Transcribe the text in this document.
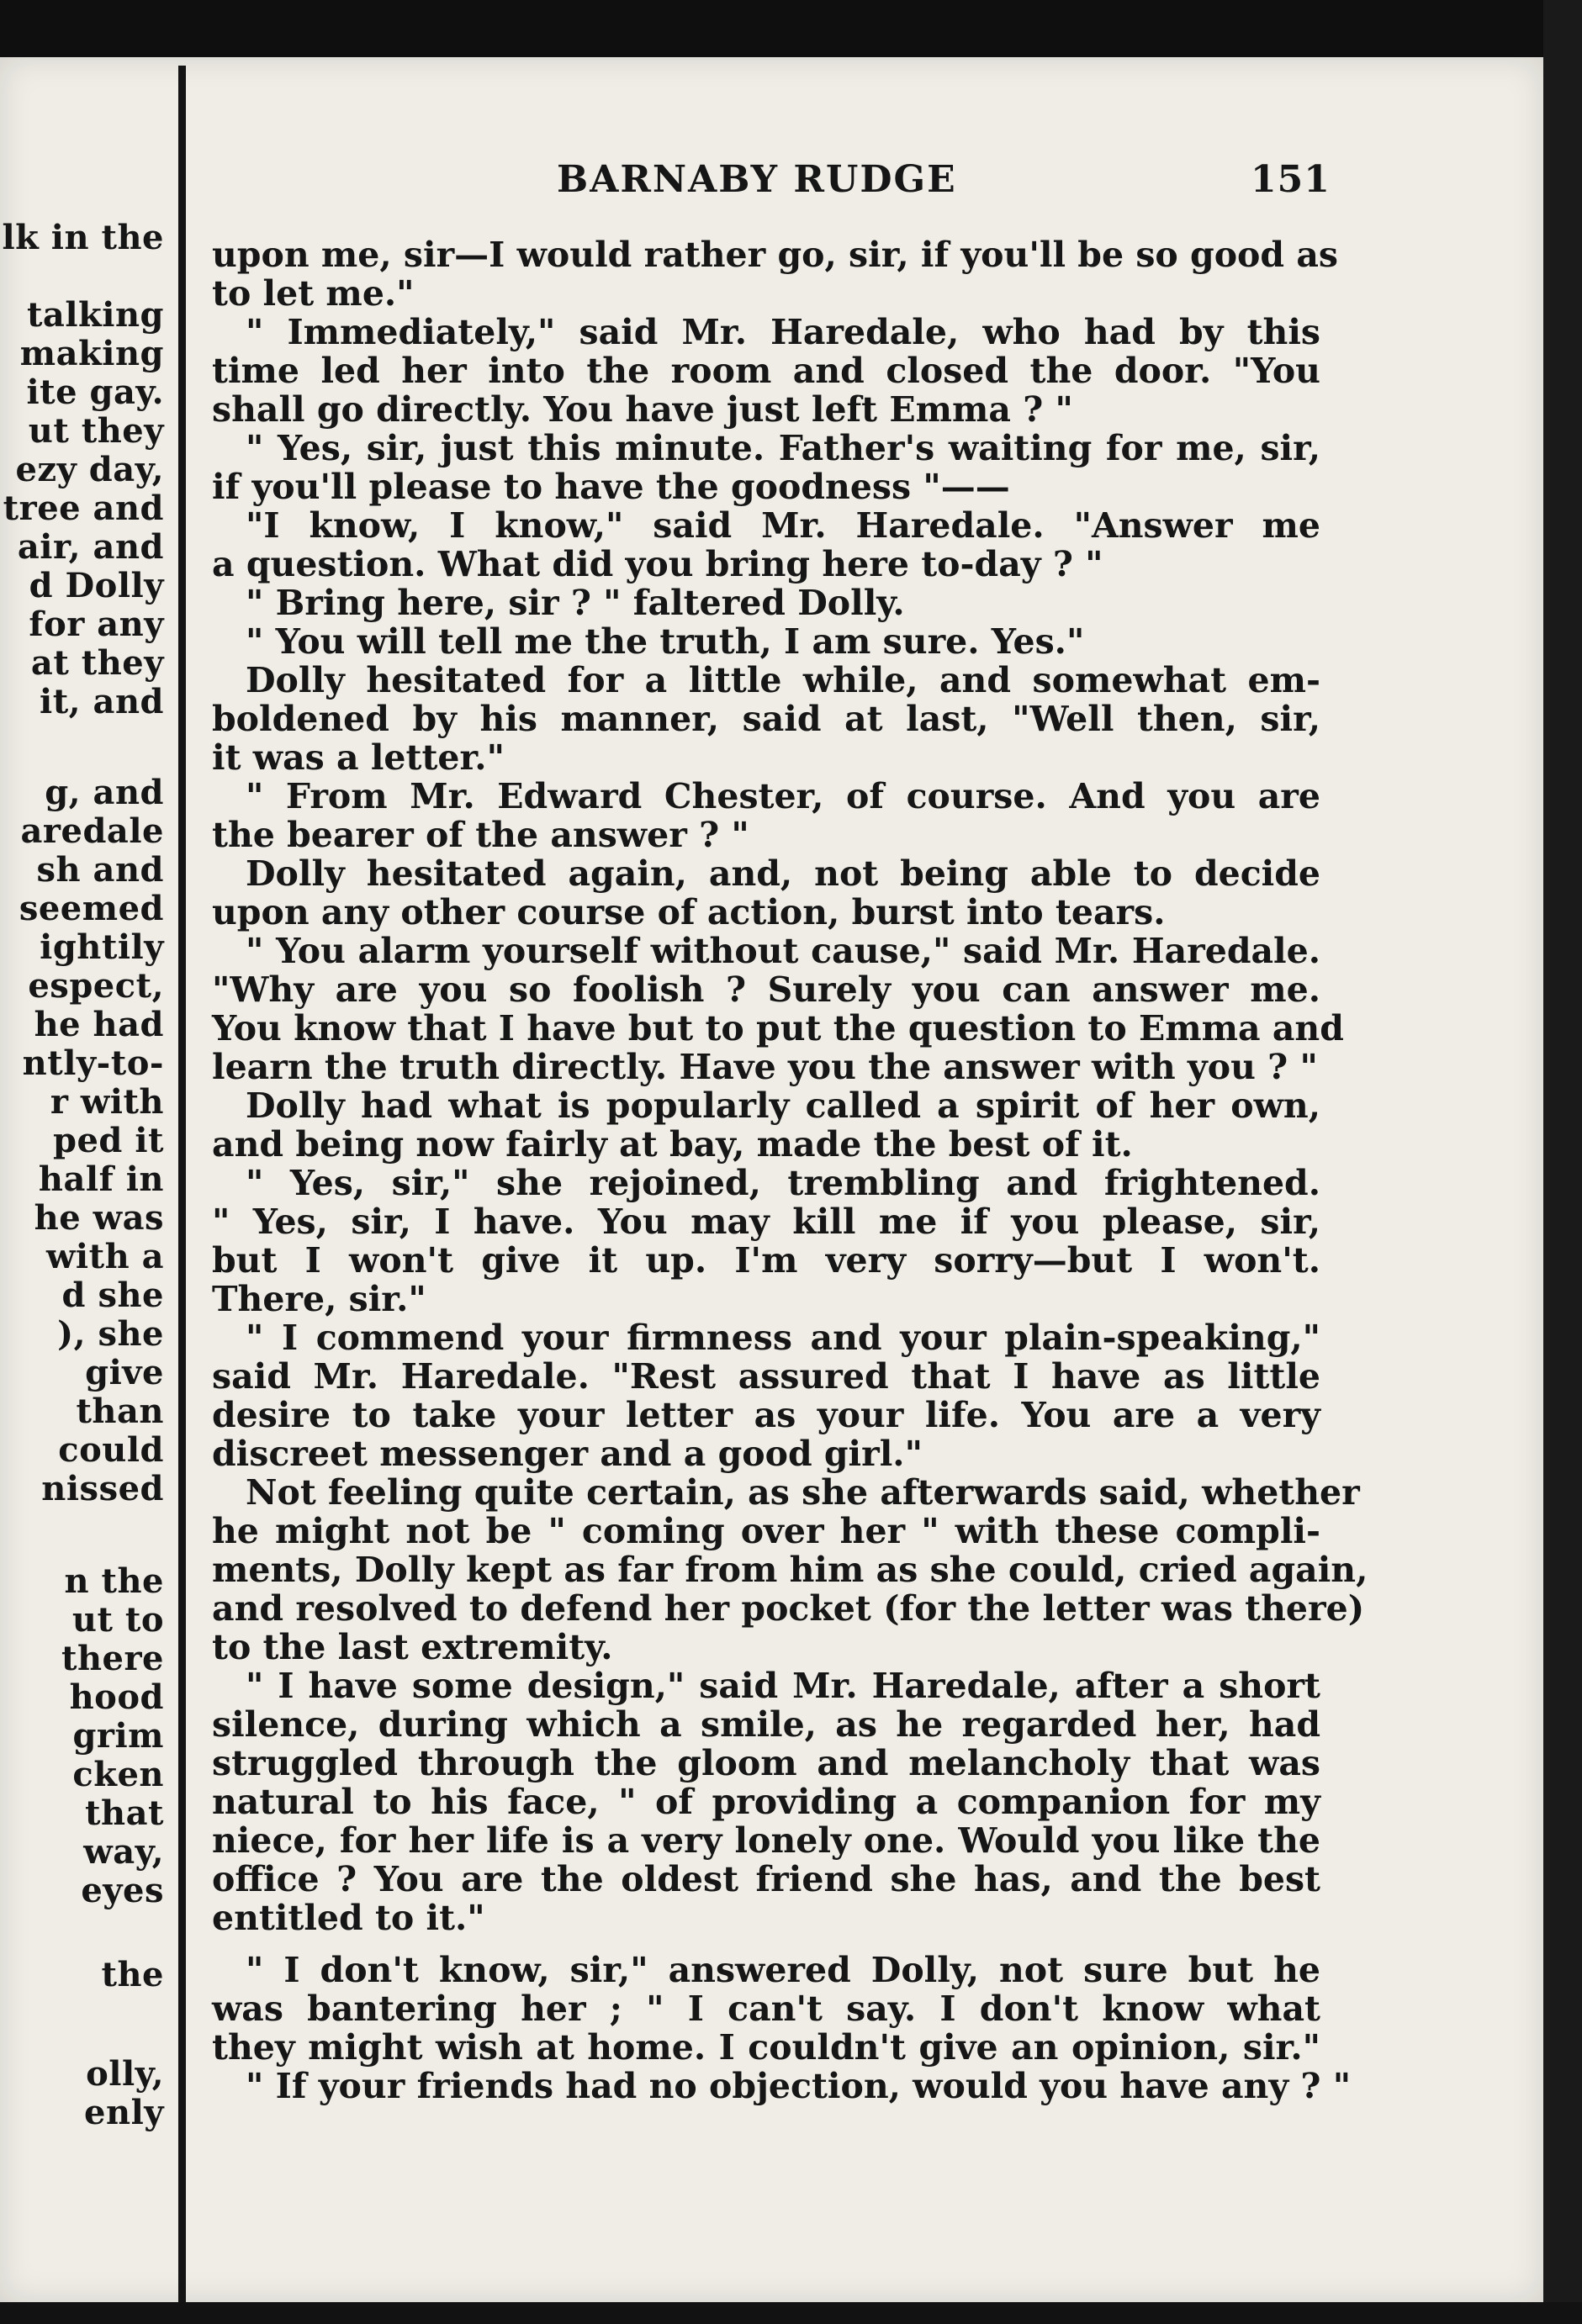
lk in the
talking
making
ite gay.
ut they
ezy day,
tree and
air, and
d Dolly
for any
at they
it, and
g, and
aredale
sh and
seemed
ightily
espect,
he had
ntly-to-
r with
ped it
half in
he was
with a
d she
), she
give
than
could
nissed
n the
ut to
there
hood
grim
cken
that
way,
eyes
the
olly,
enly
BARNABY RUDGE	151
upon me, sir—I would rather go, sir, if you'll be so good as
to let me."
" Immediately," said Mr. Haredale, who had by this
time led her into the room and closed the door. "You
shall go directly. You have just left Emma ? "
" Yes, sir, just this minute. Father's waiting for me, sir,
if you'll please to have the goodness "——
"I know, I know," said Mr. Haredale. "Answer me
a question. What did you bring here to-day ? "
" Bring here, sir ? " faltered Dolly.
" You will tell me the truth, I am sure. Yes."
Dolly hesitated for a little while, and somewhat em-
boldened by his manner, said at last, "Well then, sir,
it was a letter."
" From Mr. Edward Chester, of course. And you are
the bearer of the answer ? "
Dolly hesitated again, and, not being able to decide
upon any other course of action, burst into tears.
" You alarm yourself without cause," said Mr. Haredale.
"Why are you so foolish ? Surely you can answer me.
You know that I have but to put the question to Emma and
learn the truth directly. Have you the answer with you ? "
Dolly had what is popularly called a spirit of her own,
and being now fairly at bay, made the best of it.
" Yes, sir," she rejoined, trembling and frightened.
" Yes, sir, I have. You may kill me if you please, sir,
but I won't give it up. I'm very sorry—but I won't.
There, sir."
" I commend your firmness and your plain-speaking,"
said Mr. Haredale. "Rest assured that I have as little
desire to take your letter as your life. You are a very
discreet messenger and a good girl."
Not feeling quite certain, as she afterwards said, whether
he might not be " coming over her " with these compli-
ments, Dolly kept as far from him as she could, cried again,
and resolved to defend her pocket (for the letter was there)
to the last extremity.
" I have some design," said Mr. Haredale, after a short
silence, during which a smile, as he regarded her, had
struggled through the gloom and melancholy that was
natural to his face, " of providing a companion for my
niece, for her life is a very lonely one. Would you like the
office ? You are the oldest friend she has, and the best
entitled to it."
" I don't know, sir," answered Dolly, not sure but he
was bantering her ; " I can't say. I don't know what
they might wish at home. I couldn't give an opinion, sir."
" If your friends had no objection, would you have any ? "
